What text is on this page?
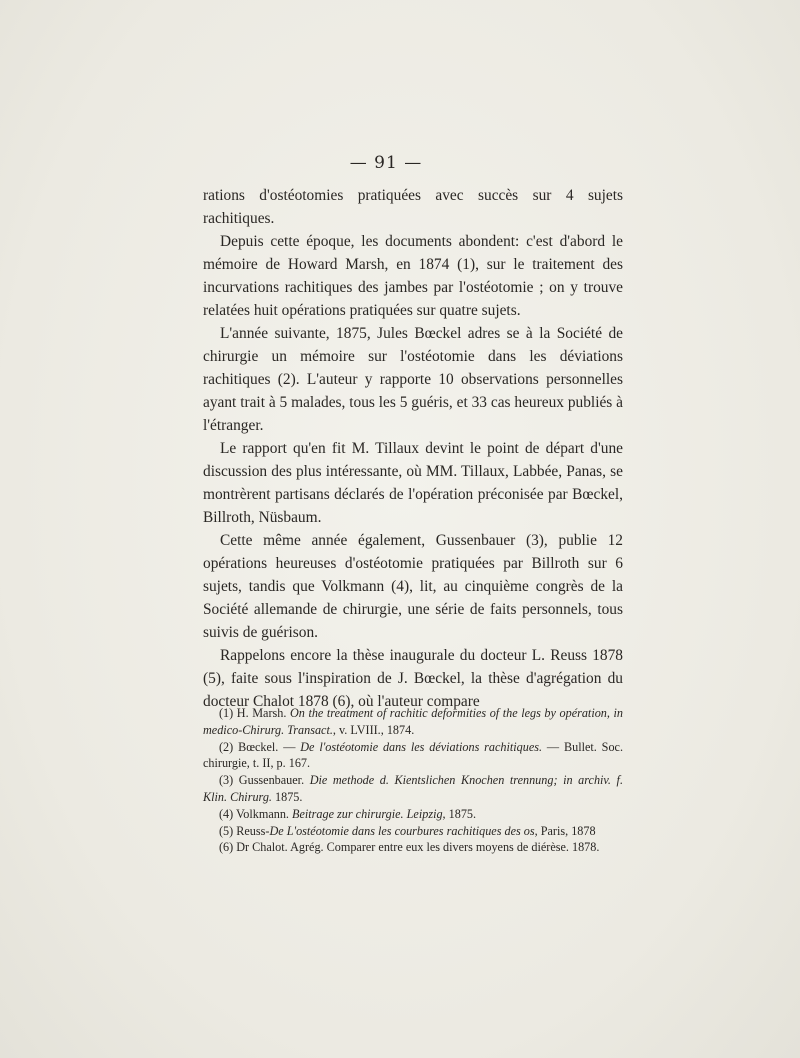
— 91 —

rations d'ostéotomies pratiquées avec succès sur 4 sujets rachitiques.

Depuis cette époque, les documents abondent: c'est d'abord le mémoire de Howard Marsh, en 1874 (1), sur le traitement des incurvations rachitiques des jambes par l'ostéotomie ; on y trouve relatées huit opérations pratiquées sur quatre sujets.

L'année suivante, 1875, Jules Bœckel adres se à la Société de chirurgie un mémoire sur l'ostéotomie dans les déviations rachitiques (2). L'auteur y rapporte 10 observations personnelles ayant trait à 5 malades, tous les 5 guéris, et 33 cas heureux publiés à l'étranger.

Le rapport qu'en fit M. Tillaux devint le point de départ d'une discussion des plus intéressante, où MM. Tillaux, Labbée, Panas, se montrèrent partisans déclarés de l'opération préconisée par Bœckel, Billroth, Nüsbaum.

Cette même année également, Gussenbauer (3), publie 12 opérations heureuses d'ostéotomie pratiquées par Billroth sur 6 sujets, tandis que Volkmann (4), lit, au cinquième congrès de la Société allemande de chirurgie, une série de faits personnels, tous suivis de guérison.

Rappelons encore la thèse inaugurale du docteur L. Reuss 1878 (5), faite sous l'inspiration de J. Bœckel, la thèse d'agrégation du docteur Chalot 1878 (6), où l'auteur compare

(1) H. Marsh. On the treatment of rachitic deformities of the legs by opération, in medico-Chirurg. Transact., v. LVIII., 1874.

(2) Bœckel. — De l'ostéotomie dans les déviations rachitiques. — Bullet. Soc. chirurgie, t. II, p. 167.

(3) Gussenbauer. Die methode d. Kientslichen Knochen trennung; in archiv. f. Klin. Chirurg. 1875.

(4) Volkmann. Beitrage zur chirurgie. Leipzig, 1875.

(5) Reuss-De L'ostéotomie dans les courbures rachitiques des os, Paris, 1878

(6) Dr Chalot. Agrég. Comparer entre eux les divers moyens de diérèse. 1878.
